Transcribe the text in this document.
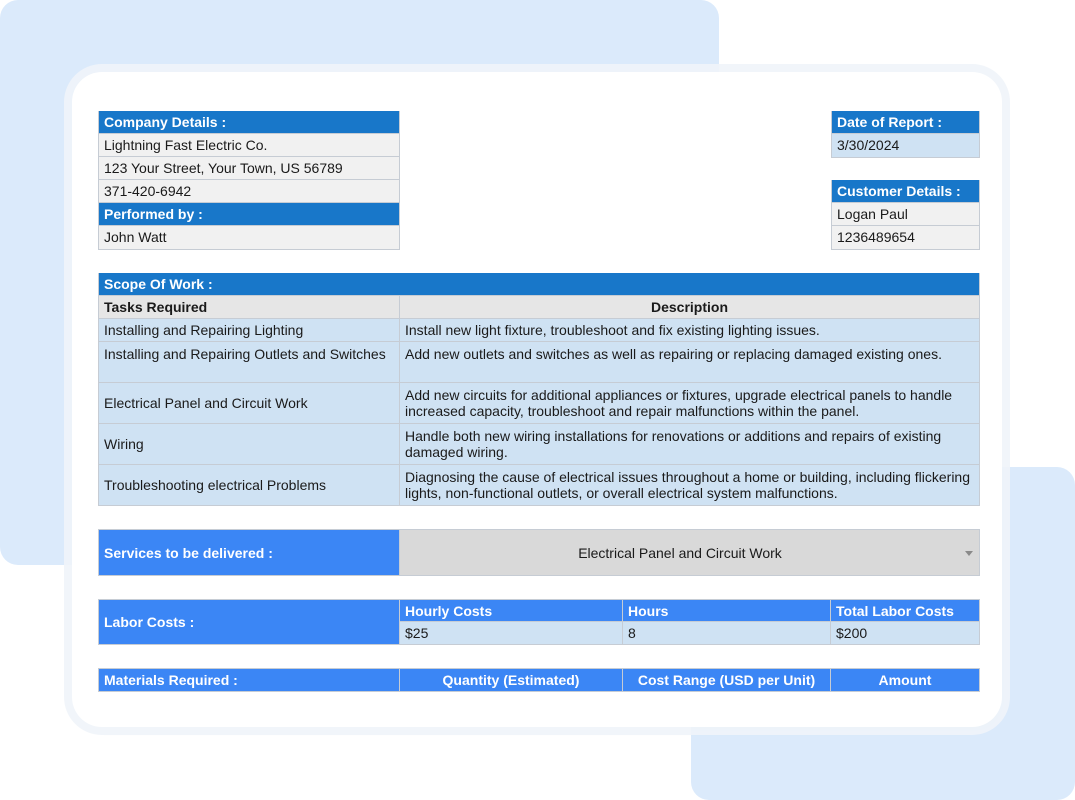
Company Details :
Lightning Fast Electric Co.
123 Your Street, Your Town, US 56789
371-420-6942
Performed by :
John Watt
Date of Report :
3/30/2024
Customer Details :
Logan Paul
1236489654
Scope Of Work :
Tasks Required	Description
Installing and Repairing Lighting	Install new light fixture, troubleshoot and fix existing lighting issues.
Installing and Repairing Outlets and Switches	Add new outlets and switches as well as repairing or replacing damaged existing ones.
Electrical Panel and Circuit Work	Add new circuits for additional appliances or fixtures, upgrade electrical panels to handle increased capacity, troubleshoot and repair malfunctions within the panel.
Wiring	Handle both new wiring installations for renovations or additions and repairs of existing damaged wiring.
Troubleshooting electrical Problems	Diagnosing the cause of electrical issues throughout a home or building, including flickering lights, non-functional outlets, or overall electrical system malfunctions.
Services to be delivered :	Electrical Panel and Circuit Work
Labor Costs :
Hourly Costs	Hours	Total Labor Costs
$25	8	$200
Materials Required :	Quantity (Estimated)	Cost Range (USD per Unit)	Amount
